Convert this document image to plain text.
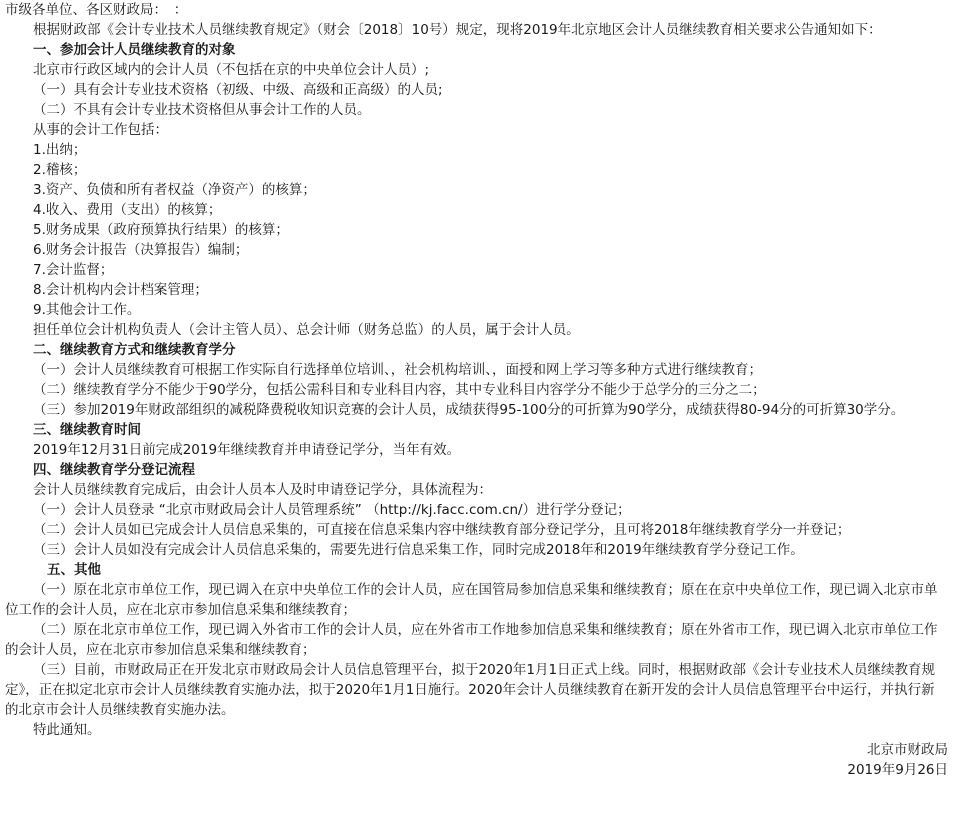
市级各单位、各区财政局：　：

根据财政部《会计专业技术人员继续教育规定》（财会〔2018〕10号）规定，现将2019年北京地区会计人员继续教育相关要求公告通知如下：

一、参加会计人员继续教育的对象

北京市行政区域内的会计人员（不包括在京的中央单位会计人员）;

（一）具有会计专业技术资格（初级、中级、高级和正高级）的人员;

（二）不具有会计专业技术资格但从事会计工作的人员。

从事的会计工作包括：

1.出纳；

2.稽核；

3.资产、负债和所有者权益（净资产）的核算；

4.收入、费用（支出）的核算；

5.财务成果（政府预算执行结果）的核算；

6.财务会计报告（决算报告）编制；

7.会计监督；

8.会计机构内会计档案管理；

9.其他会计工作。

担任单位会计机构负责人（会计主管人员）、总会计师（财务总监）的人员，属于会计人员。

二、继续教育方式和继续教育学分

（一）会计人员继续教育可根据工作实际自行选择单位培训、，社会机构培训、，面授和网上学习等多种方式进行继续教育；

（二）继续教育学分不能少于90学分，包括公需科目和专业科目内容，其中专业科目内容学分不能少于总学分的三分之二；

（三）参加2019年财政部组织的减税降费税收知识竞赛的会计人员，成绩获得95-100分的可折算为90学分，成绩获得80-94分的可折算30学分。

三、继续教育时间

2019年12月31日前完成2019年继续教育并申请登记学分，当年有效。

四、继续教育学分登记流程

会计人员继续教育完成后，由会计人员本人及时申请登记学分，具体流程为：

（一）会计人员登录 “北京市财政局会计人员管理系统” （http://kj.facc.com.cn/）进行学分登记；

（二）会计人员如已完成会计人员信息采集的，可直接在信息采集内容中继续教育部分登记学分，且可将2018年继续教育学分一并登记；

（三）会计人员如没有完成会计人员信息采集的，需要先进行信息采集工作，同时完成2018年和2019年继续教育学分登记工作。

五、其他

（一）原在北京市单位工作，现已调入在京中央单位工作的会计人员，应在国管局参加信息采集和继续教育；原在在京中央单位工作，现已调入北京市单位工作的会计人员，应在北京市参加信息采集和继续教育；

（二）原在北京市单位工作，现已调入外省市工作的会计人员，应在外省市工作地参加信息采集和继续教育；原在外省市工作，现已调入北京市单位工作的会计人员，应在北京市参加信息采集和继续教育；

（三）目前，市财政局正在开发北京市财政局会计人员信息管理平台，拟于2020年1月1日正式上线。同时，根据财政部《会计专业技术人员继续教育规定》，正在拟定北京市会计人员继续教育实施办法，拟于2020年1月1日施行。2020年会计人员继续教育在新开发的会计人员信息管理平台中运行，并执行新的北京市会计人员继续教育实施办法。

特此通知。

北京市财政局

2019年9月26日
